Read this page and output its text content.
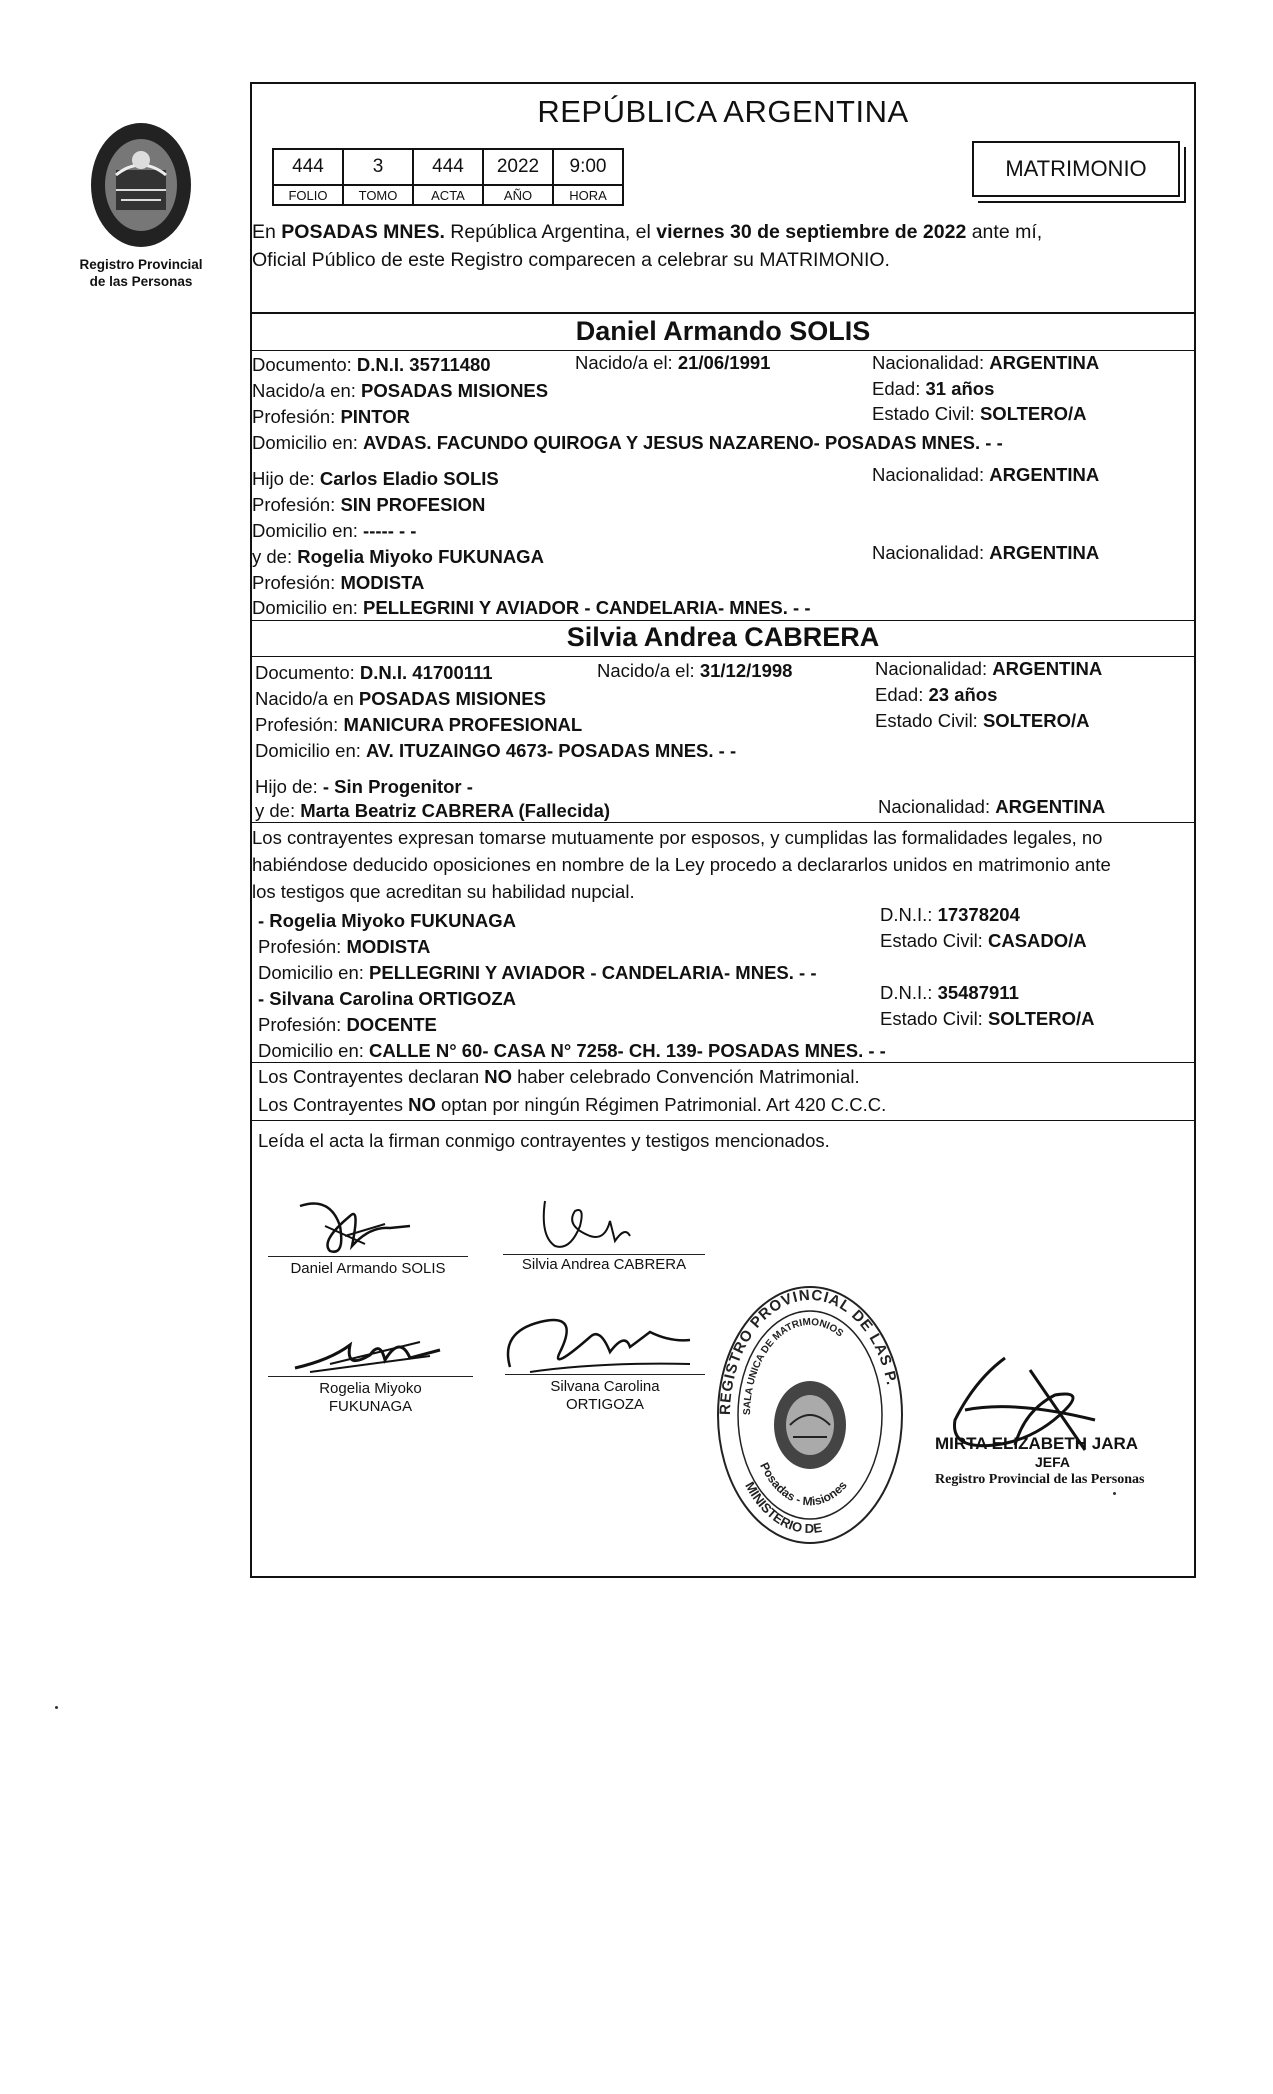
Registro Provincial
de las Personas
REPÚBLICA ARGENTINA
444	3	444	2022	9:00
FOLIO	TOMO	ACTA	AÑO	HORA
MATRIMONIO
En POSADAS MNES. República Argentina, el viernes 30 de septiembre de 2022 ante mí,
Oficial Público de este Registro comparecen a celebrar su MATRIMONIO.
Daniel Armando SOLIS
Documento: D.N.I. 35711480	Nacido/a el: 21/06/1991	Nacionalidad: ARGENTINA
Nacido/a en: POSADAS MISIONES	Edad: 31 años
Profesión: PINTOR	Estado Civil: SOLTERO/A
Domicilio en: AVDAS. FACUNDO QUIROGA Y JESUS NAZARENO- POSADAS MNES. - -
Hijo de: Carlos Eladio SOLIS	Nacionalidad: ARGENTINA
Profesión: SIN PROFESION
Domicilio en: ----- - -
y de: Rogelia Miyoko FUKUNAGA	Nacionalidad: ARGENTINA
Profesión: MODISTA
Domicilio en: PELLEGRINI Y AVIADOR - CANDELARIA- MNES. - -
Silvia Andrea CABRERA
Documento: D.N.I. 41700111	Nacido/a el: 31/12/1998	Nacionalidad: ARGENTINA
Nacido/a en POSADAS MISIONES	Edad: 23 años
Profesión: MANICURA PROFESIONAL	Estado Civil: SOLTERO/A
Domicilio en: AV. ITUZAINGO 4673- POSADAS MNES. - -
Hijo de: - Sin Progenitor -
y de: Marta Beatriz CABRERA (Fallecida)	Nacionalidad: ARGENTINA
Los contrayentes expresan tomarse mutuamente por esposos, y cumplidas las formalidades legales, no
habiéndose deducido oposiciones en nombre de la Ley procedo a declararlos unidos en matrimonio ante
los testigos que acreditan su habilidad nupcial.
- Rogelia Miyoko FUKUNAGA	D.N.I.: 17378204
Profesión: MODISTA	Estado Civil: CASADO/A
Domicilio en: PELLEGRINI Y AVIADOR - CANDELARIA- MNES. - -
- Silvana Carolina ORTIGOZA	D.N.I.: 35487911
Profesión: DOCENTE	Estado Civil: SOLTERO/A
Domicilio en: CALLE N° 60- CASA N° 7258- CH. 139- POSADAS MNES. - -
Los Contrayentes declaran NO haber celebrado Convención Matrimonial.
Los Contrayentes NO optan por ningún Régimen Patrimonial. Art 420 C.C.C.
Leída el acta la firman conmigo contrayentes y testigos mencionados.
Daniel Armando SOLIS	Silvia Andrea CABRERA
Rogelia Miyoko
FUKUNAGA
Silvana Carolina
ORTIGOZA	REGISTRO PROVINCIAL DE LAS P.
MINISTERIO DE
SALA UNICA DE MATRIMONIOS
Posadas - Misiones
MIRTA ELIZABETH JARA
JEFA
Registro Provincial de las Personas
